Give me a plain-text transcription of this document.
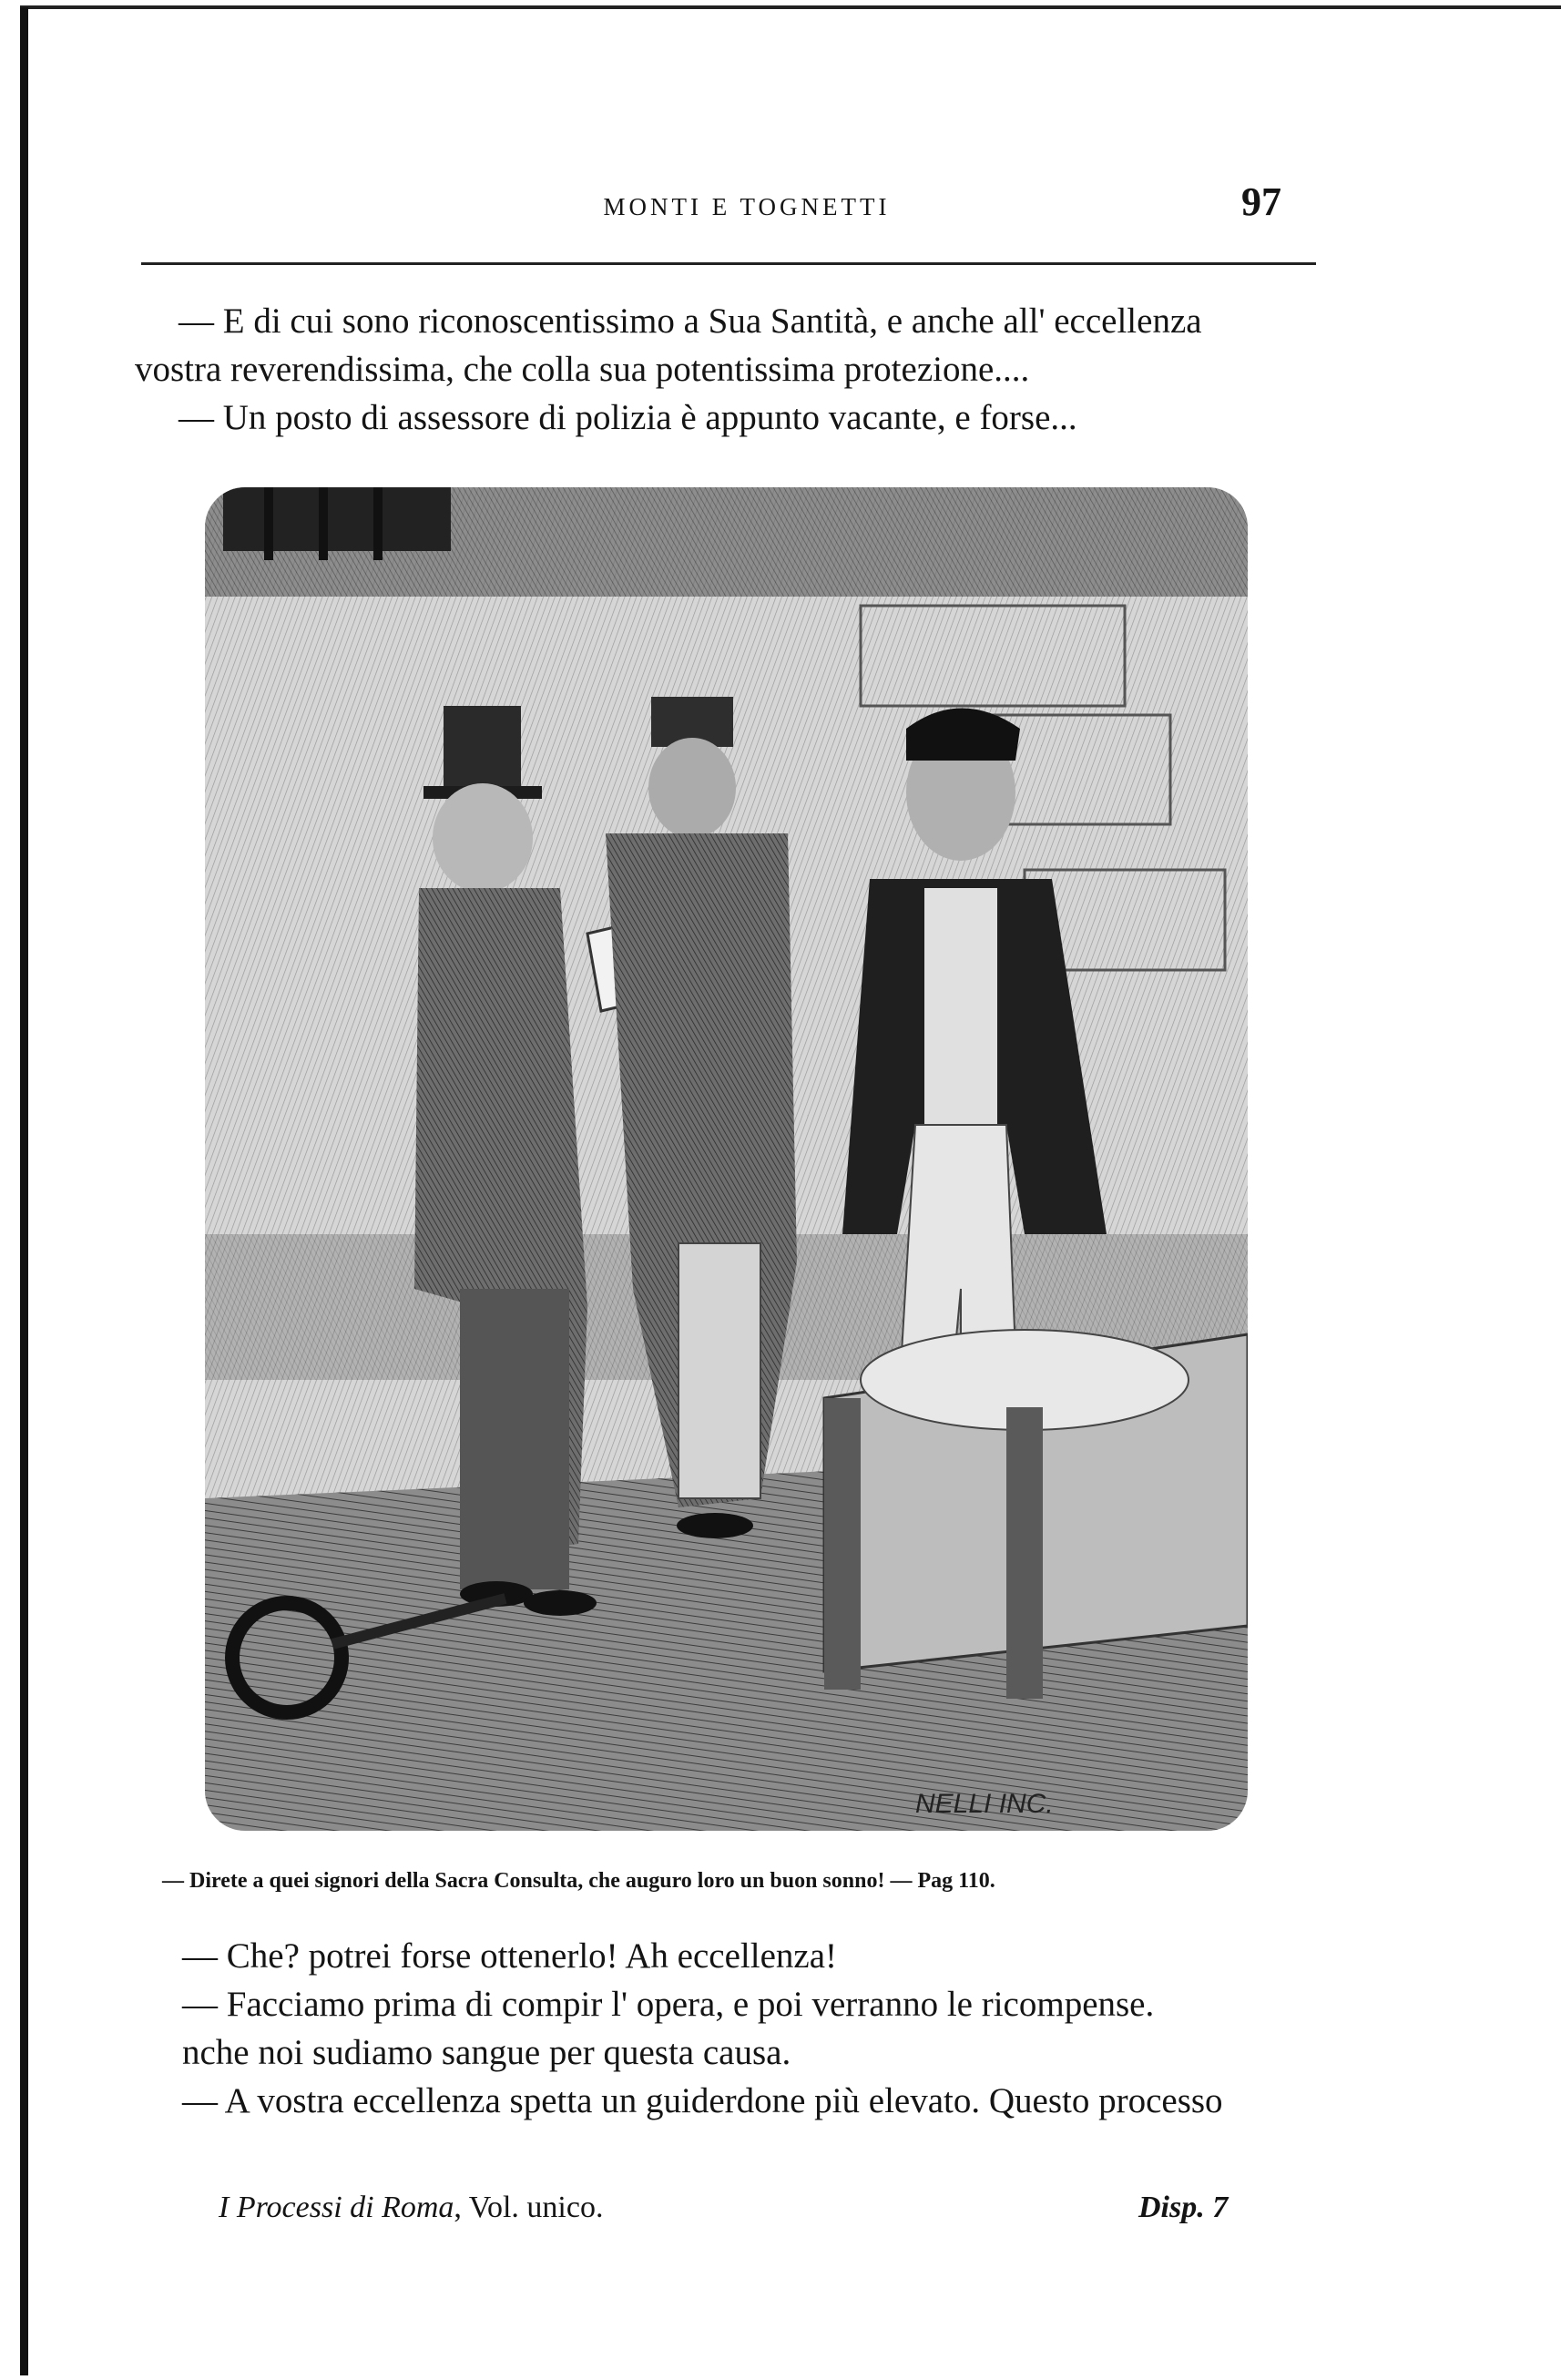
MONTI E TOGNETTI	97

— E di cui sono riconoscentissimo a Sua Santità, e anche all' eccellenza

vostra reverendissima, che colla sua potentissima protezione....

— Un posto di assessore di polizia è appunto vacante, e forse...

NELLI INC.
— Direte a quei signori della Sacra Consulta, che auguro loro un buon sonno! — Pag 110.

— Che? potrei forse ottenerlo! Ah eccellenza!

— Facciamo prima di compir l' opera, e poi verranno le ricompense.

nche noi sudiamo sangue per questa causa.

— A vostra eccellenza spetta un guiderdone più elevato. Questo processo

I Processi di Roma, Vol. unico.	Disp. 7
